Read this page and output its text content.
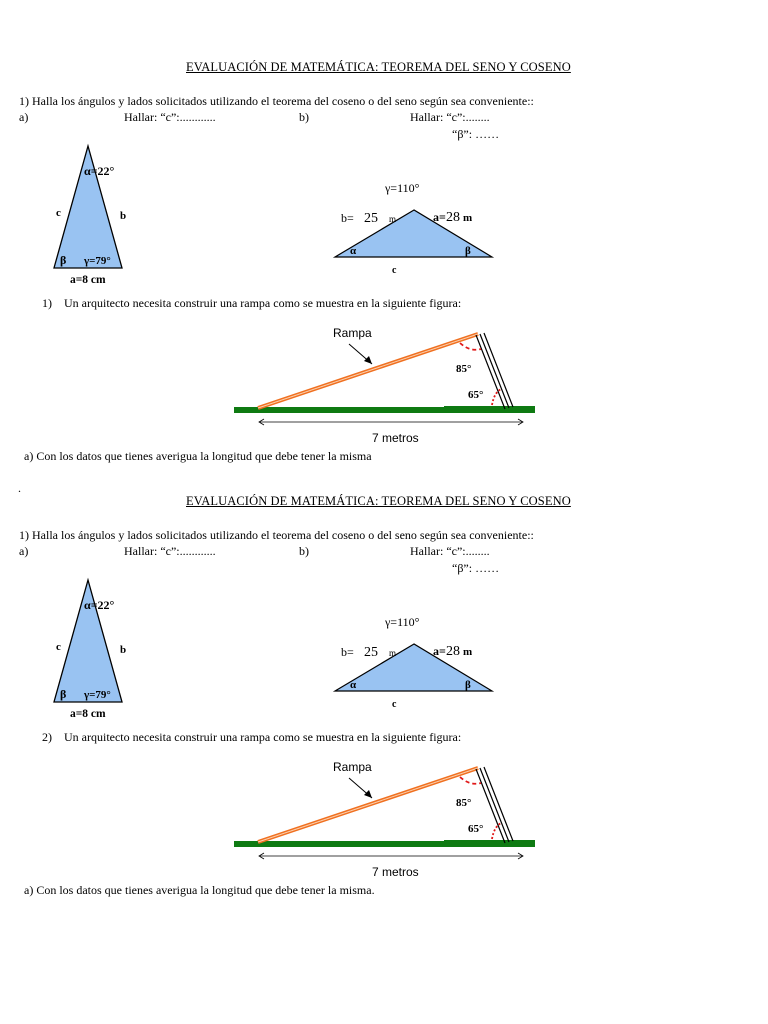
EVALUACIÓN DE MATEMÁTICA: TEOREMA DEL SENO Y COSENO
1) Halla los ángulos y lados solicitados utilizando el teorema del coseno o del seno según sea conveniente::
a)	Hallar: “c”:............	b)	Hallar: “c”:........
“β”: ……
α=22°
c	b
β γ=79°
a=8 cm
γ=110°
b= 25 m	a= 28 m
α	β
c
1) Un arquitecto necesita construir una rampa como se muestra en la siguiente figura:
Rampa
85°
65°
7 metros
a) Con los datos que tienes averigua la longitud que debe tener la misma
.
EVALUACIÓN DE MATEMÁTICA: TEOREMA DEL SENO Y COSENO
1) Halla los ángulos y lados solicitados utilizando el teorema del coseno o del seno según sea conveniente::
a)	Hallar: “c”:............	b)	Hallar: “c”:........
“β”: ……
α=22°
c	b
β γ=79°
a=8 cm
γ=110°
b= 25 m	a= 28 m
α	β
c
2) Un arquitecto necesita construir una rampa como se muestra en la siguiente figura:
Rampa
85°
65°
7 metros
a) Con los datos que tienes averigua la longitud que debe tener la misma.
